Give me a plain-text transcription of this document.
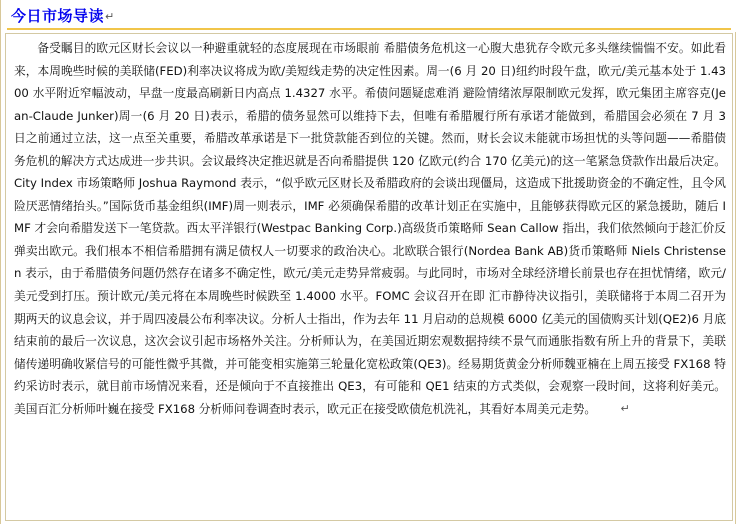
今日市场导读↵

备受瞩目的欧元区财长会议以一种避重就轻的态度展现在市场眼前 希腊债务危机这一心腹大患犹存令欧元多头继续惴惴不安。如此看来，本周晚些时候的美联储(FED)利率决议将成为欧/美短线走势的决定性因素。周一(6 月 20 日)纽约时段午盘，欧元/美元基本处于 1.4300 水平附近窄幅波动，早盘一度最高刷新日内高点 1.4327 水平。希债问题疑虑难消 避险情绪浓厚限制欧元发挥，欧元集团主席容克(Jean-Claude Junker)周一(6 月 20 日)表示，希腊的债务显然可以维持下去，但唯有希腊履行所有承诺才能做到，希腊国会必须在 7 月 3 日之前通过立法，这一点至关重要，希腊改革承诺是下一批贷款能否到位的关键。然而，财长会议未能就市场担忧的头等问题——希腊债务危机的解决方式达成进一步共识。会议最终决定推迟就是否向希腊提供 120 亿欧元(约合 170 亿美元)的这一笔紧急贷款作出最后决定。City Index 市场策略师 Joshua Raymond 表示，“似乎欧元区财长及希腊政府的会谈出现僵局，这造成下批援助资金的不确定性，且令风险厌恶情绪抬头。”国际货币基金组织(IMF)周一则表示，IMF 必须确保希腊的改革计划正在实施中，且能够获得欧元区的紧急援助，随后 IMF 才会向希腊发送下一笔贷款。西太平洋银行(Westpac Banking Corp.)高级货币策略师 Sean Callow 指出，我们依然倾向于趁汇价反弹卖出欧元。我们根本不相信希腊拥有满足债权人一切要求的政治决心。北欧联合银行(Nordea Bank AB)货币策略师 Niels Christensen 表示，由于希腊债务问题仍然存在诸多不确定性，欧元/美元走势异常疲弱。与此同时，市场对全球经济增长前景也存在担忧情绪，欧元/美元受到打压。预计欧元/美元将在本周晚些时候跌至 1.4000 水平。FOMC 会议召开在即 汇市静待决议指引，美联储将于本周二召开为期两天的议息会议，并于周四凌晨公布利率决议。分析人士指出，作为去年 11 月启动的总规模 6000 亿美元的国债购买计划(QE2)6 月底结束前的最后一次议息，这次会议引起市场格外关注。分析师认为，在美国近期宏观数据持续不景气而通胀指数有所上升的背景下，美联储传递明确收紧信号的可能性微乎其微，并可能变相实施第三轮量化宽松政策(QE3)。经易期货黄金分析师魏亚楠在上周五接受 FX168 特约采访时表示，就目前市场情况来看，还是倾向于不直接推出 QE3，有可能和 QE1 结束的方式类似，会观察一段时间，这将利好美元。美国百汇分析师叶巍在接受 FX168 分析师问卷调查时表示，欧元正在接受欧债危机洗礼，其看好本周美元走势。 ↵
